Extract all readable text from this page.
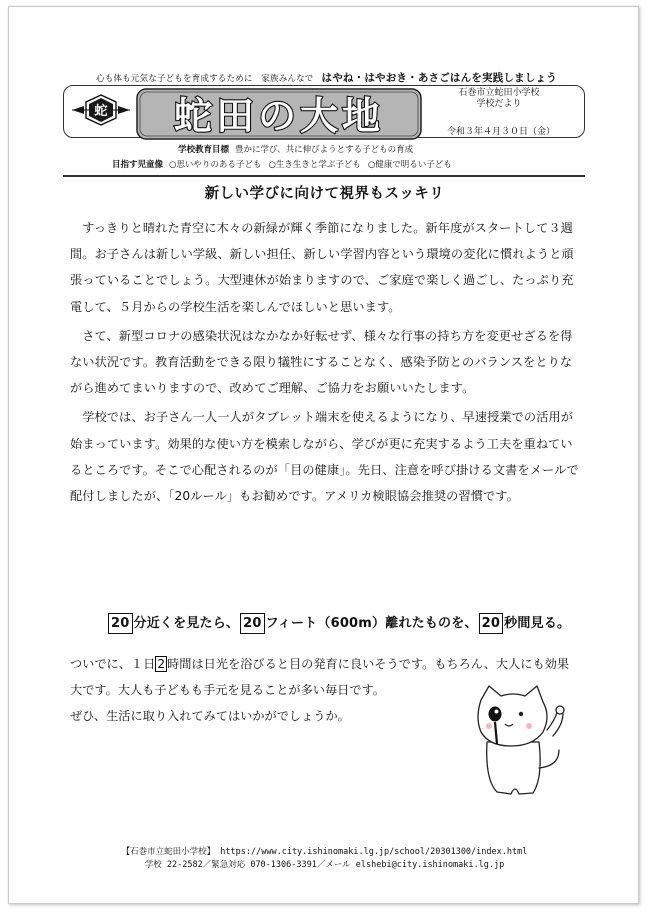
心も体も元気な子どもを育成するために　家族みんなで はやね・はやおき・あさごはんを実践しましょう
蛇 蛇田の大地
石巻市立蛇田小学校
学校だより
令和３年４月３０日（金）
学校教育目標 豊かに学び、共に伸びようとする子どもの育成
目指す児童像 ○思いやりのある子ども ○生き生きと学ぶ子ども ○健康で明るい子ども
新しい学びに向けて視界もスッキリ

すっきりと晴れた青空に木々の新緑が輝く季節になりました。新年度がスタートして３週間。お子さんは新しい学級、新しい担任、新しい学習内容という環境の変化に慣れようと頑張っていることでしょう。大型連休が始まりますので、ご家庭で楽しく過ごし、たっぷり充電して、５月からの学校生活を楽しんでほしいと思います。

さて、新型コロナの感染状況はなかなか好転せず、様々な行事の持ち方を変更せざるを得ない状況です。教育活動をできる限り犠牲にすることなく、感染予防とのバランスをとりながら進めてまいりますので、改めてご理解、ご協力をお願いいたします。

学校では、お子さん一人一人がタブレット端末を使えるようになり、早速授業での活用が始まっています。効果的な使い方を模索しながら、学びが更に充実するよう工夫を重ねているところです。そこで心配されるのが「目の健康」。先日、注意を呼び掛ける文書をメールで配付しましたが、「20ルール」もお勧めです。アメリカ検眼協会推奨の習慣です。

20 分近くを見たら、 20 フィート（600m）離れたものを、 20 秒間見る。
ついでに、１日 2 時間は日光を浴びると目の発育に良いそうです。もちろん、大人にも効果
大です。大人も子どもも手元を見ることが多い毎日です。
ぜひ、生活に取り入れてみてはいかがでしょうか。
【石巻市立蛇田小学校】 https://www.city.ishinomaki.lg.jp/school/20301300/index.html
学校 22-2582／緊急対応 070-1306-3391／メール elshebi@city.ishinomaki.lg.jp
